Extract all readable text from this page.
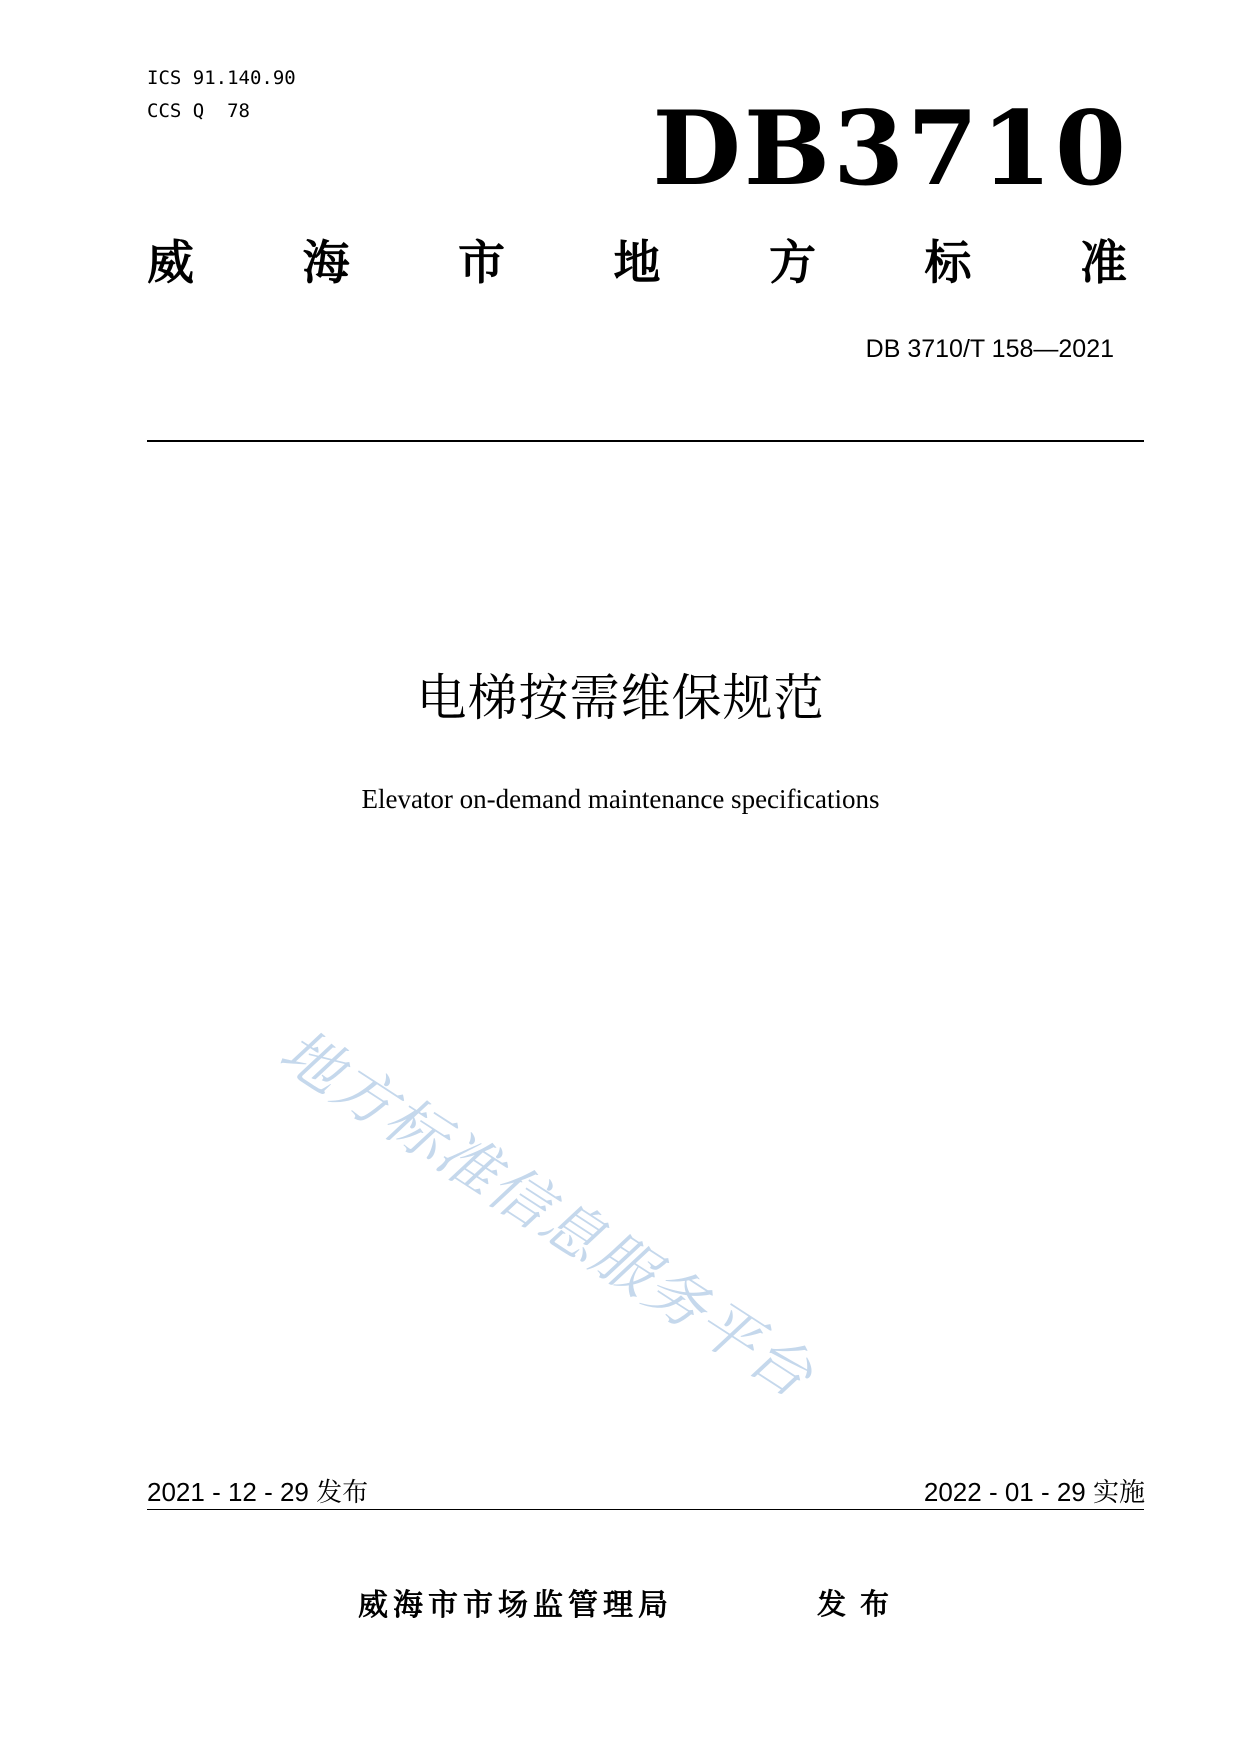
ICS 91.140.90
CCS Q  78	DB3710
威 海 市 地 方 标 准
DB 3710/T 158—2021
电梯按需维保规范
Elevator on-demand maintenance specifications
地方标准信息服务平台
2021 - 12 - 29 发布	2022 - 01 - 29 实施
威海市市场监管理局	发布
